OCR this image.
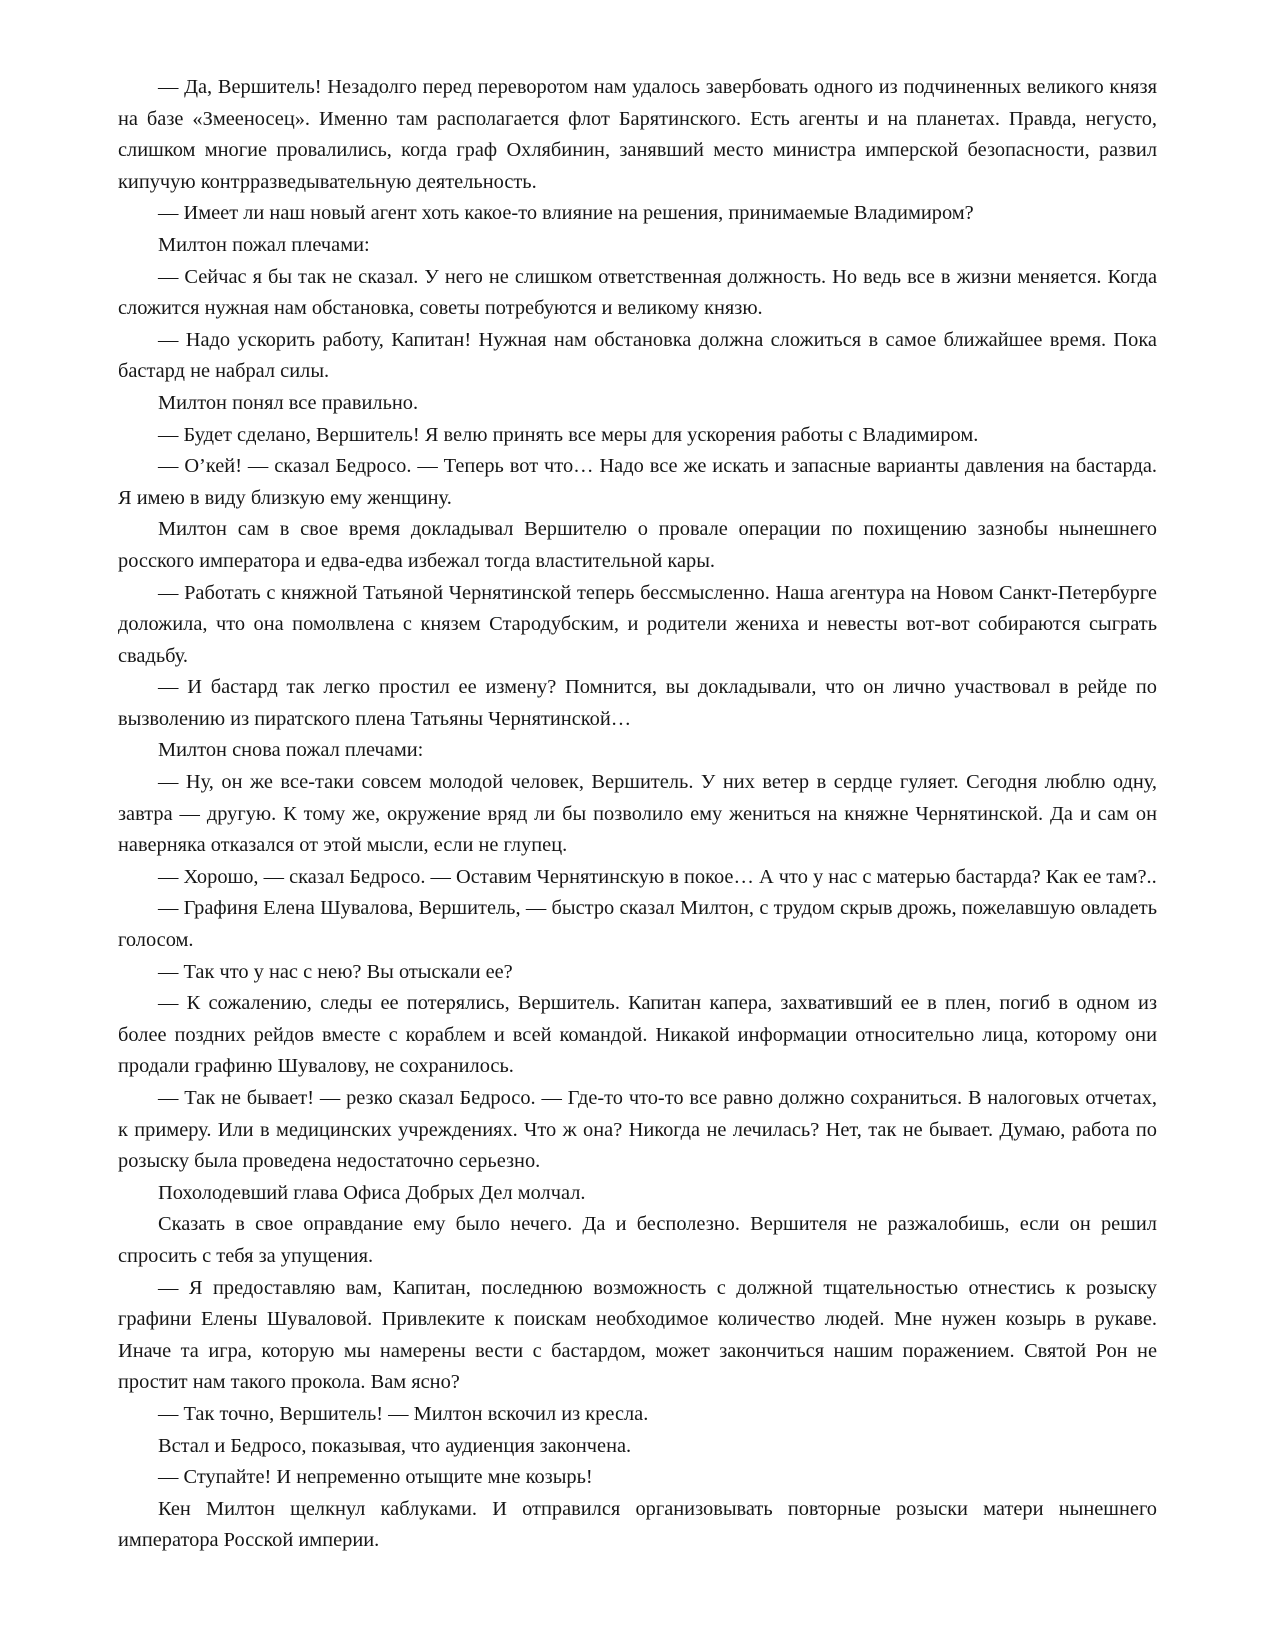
— Да, Вершитель! Незадолго перед переворотом нам удалось завербовать одного из подчиненных великого князя на базе «Змееносец». Именно там располагается флот Барятинского. Есть агенты и на планетах. Правда, негусто, слишком многие провалились, когда граф Охлябинин, занявший место министра имперской безопасности, развил кипучую контрразведывательную деятельность.

— Имеет ли наш новый агент хоть какое-то влияние на решения, принимаемые Владимиром?

Милтон пожал плечами:

— Сейчас я бы так не сказал. У него не слишком ответственная должность. Но ведь все в жизни меняется. Когда сложится нужная нам обстановка, советы потребуются и великому князю.

— Надо ускорить работу, Капитан! Нужная нам обстановка должна сложиться в самое ближайшее время. Пока бастард не набрал силы.

Милтон понял все правильно.

— Будет сделано, Вершитель! Я велю принять все меры для ускорения работы с Владимиром.

— О’кей! — сказал Бедросо. — Теперь вот что… Надо все же искать и запасные варианты давления на бастарда. Я имею в виду близкую ему женщину.

Милтон сам в свое время докладывал Вершителю о провале операции по похищению зазнобы нынешнего росского императора и едва-едва избежал тогда властительной кары.

— Работать с княжной Татьяной Чернятинской теперь бессмысленно. Наша агентура на Новом Санкт-Петербурге доложила, что она помолвлена с князем Стародубским, и родители жениха и невесты вот-вот собираются сыграть свадьбу.

— И бастард так легко простил ее измену? Помнится, вы докладывали, что он лично участвовал в рейде по вызволению из пиратского плена Татьяны Чернятинской…

Милтон снова пожал плечами:

— Ну, он же все-таки совсем молодой человек, Вершитель. У них ветер в сердце гуляет. Сегодня люблю одну, завтра — другую. К тому же, окружение вряд ли бы позволило ему жениться на княжне Чернятинской. Да и сам он наверняка отказался от этой мысли, если не глупец.

— Хорошо, — сказал Бедросо. — Оставим Чернятинскую в покое… А что у нас с матерью бастарда? Как ее там?..

— Графиня Елена Шувалова, Вершитель, — быстро сказал Милтон, с трудом скрыв дрожь, пожелавшую овладеть голосом.

— Так что у нас с нею? Вы отыскали ее?

— К сожалению, следы ее потерялись, Вершитель. Капитан капера, захвативший ее в плен, погиб в одном из более поздних рейдов вместе с кораблем и всей командой. Никакой информации относительно лица, которому они продали графиню Шувалову, не сохранилось.

— Так не бывает! — резко сказал Бедросо. — Где-то что-то все равно должно сохраниться. В налоговых отчетах, к примеру. Или в медицинских учреждениях. Что ж она? Никогда не лечилась? Нет, так не бывает. Думаю, работа по розыску была проведена недостаточно серьезно.

Похолодевший глава Офиса Добрых Дел молчал.

Сказать в свое оправдание ему было нечего. Да и бесполезно. Вершителя не разжалобишь, если он решил спросить с тебя за упущения.

— Я предоставляю вам, Капитан, последнюю возможность с должной тщательностью отнестись к розыску графини Елены Шуваловой. Привлеките к поискам необходимое количество людей. Мне нужен козырь в рукаве. Иначе та игра, которую мы намерены вести с бастардом, может закончиться нашим поражением. Святой Рон не простит нам такого прокола. Вам ясно?

— Так точно, Вершитель! — Милтон вскочил из кресла.

Встал и Бедросо, показывая, что аудиенция закончена.

— Ступайте! И непременно отыщите мне козырь!

Кен Милтон щелкнул каблуками. И отправился организовывать повторные розыски матери нынешнего императора Росской империи.
